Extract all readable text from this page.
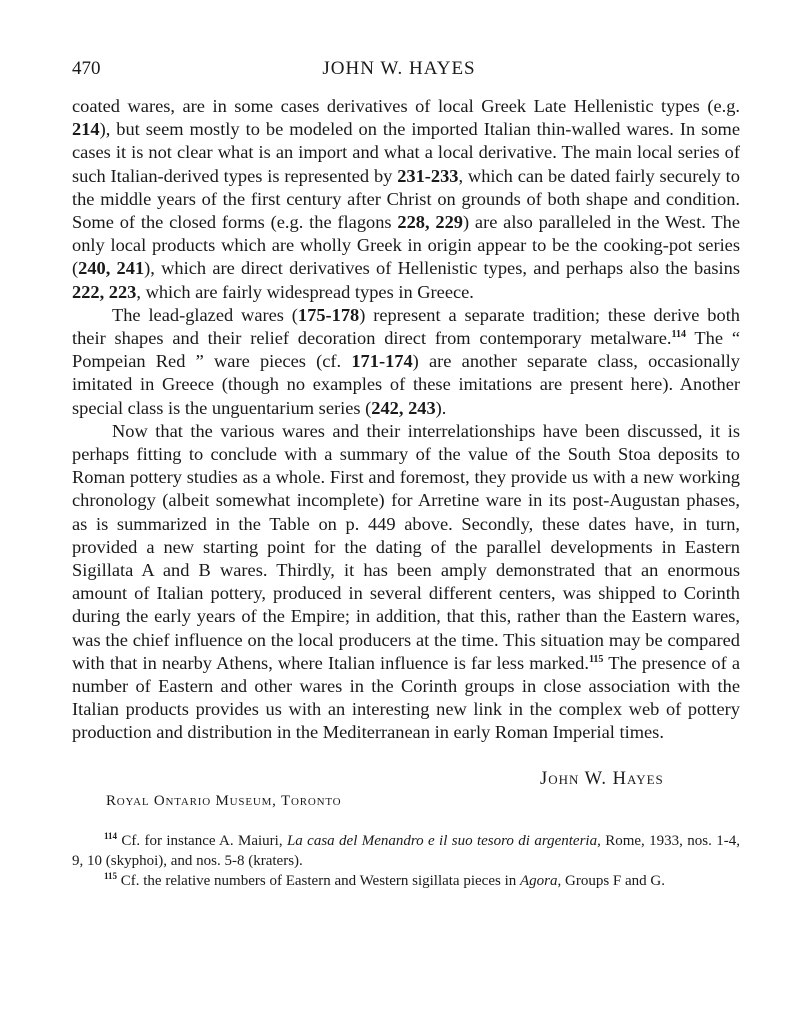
470	JOHN W. HAYES

coated wares, are in some cases derivatives of local Greek Late Hellenistic types (e.g. 214), but seem mostly to be modeled on the imported Italian thin-walled wares. In some cases it is not clear what is an import and what a local derivative. The main local series of such Italian-derived types is represented by 231-233, which can be dated fairly securely to the middle years of the first century after Christ on grounds of both shape and condition. Some of the closed forms (e.g. the flagons 228, 229) are also paralleled in the West. The only local products which are wholly Greek in origin appear to be the cooking-pot series (240, 241), which are direct derivatives of Hellenistic types, and perhaps also the basins 222, 223, which are fairly widespread types in Greece.

The lead-glazed wares (175-178) represent a separate tradition; these derive both their shapes and their relief decoration direct from contemporary metalware.$^{114}$ The “ Pompeian Red ” ware pieces (cf. 171-174) are another separate class, occasionally imitated in Greece (though no examples of these imitations are present here). Another special class is the unguentarium series (242, 243).

Now that the various wares and their interrelationships have been discussed, it is perhaps fitting to conclude with a summary of the value of the South Stoa deposits to Roman pottery studies as a whole. First and foremost, they provide us with a new working chronology (albeit somewhat incomplete) for Arretine ware in its post-Augustan phases, as is summarized in the Table on p. 449 above. Secondly, these dates have, in turn, provided a new starting point for the dating of the parallel developments in Eastern Sigillata A and B wares. Thirdly, it has been amply demonstrated that an enormous amount of Italian pottery, produced in several different centers, was shipped to Corinth during the early years of the Empire; in addition, that this, rather than the Eastern wares, was the chief influence on the local producers at the time. This situation may be compared with that in nearby Athens, where Italian influence is far less marked.$^{115}$ The presence of a number of Eastern and other wares in the Corinth groups in close association with the Italian products provides us with an interesting new link in the complex web of pottery production and distribution in the Mediterranean in early Roman Imperial times.

John W. Hayes
Royal Ontario Museum, Toronto

$^{114}$ Cf. for instance A. Maiuri, La casa del Menandro e il suo tesoro di argenteria, Rome, 1933, nos. 1-4, 9, 10 (skyphoi), and nos. 5-8 (kraters).

$^{115}$ Cf. the relative numbers of Eastern and Western sigillata pieces in Agora, Groups F and G.
